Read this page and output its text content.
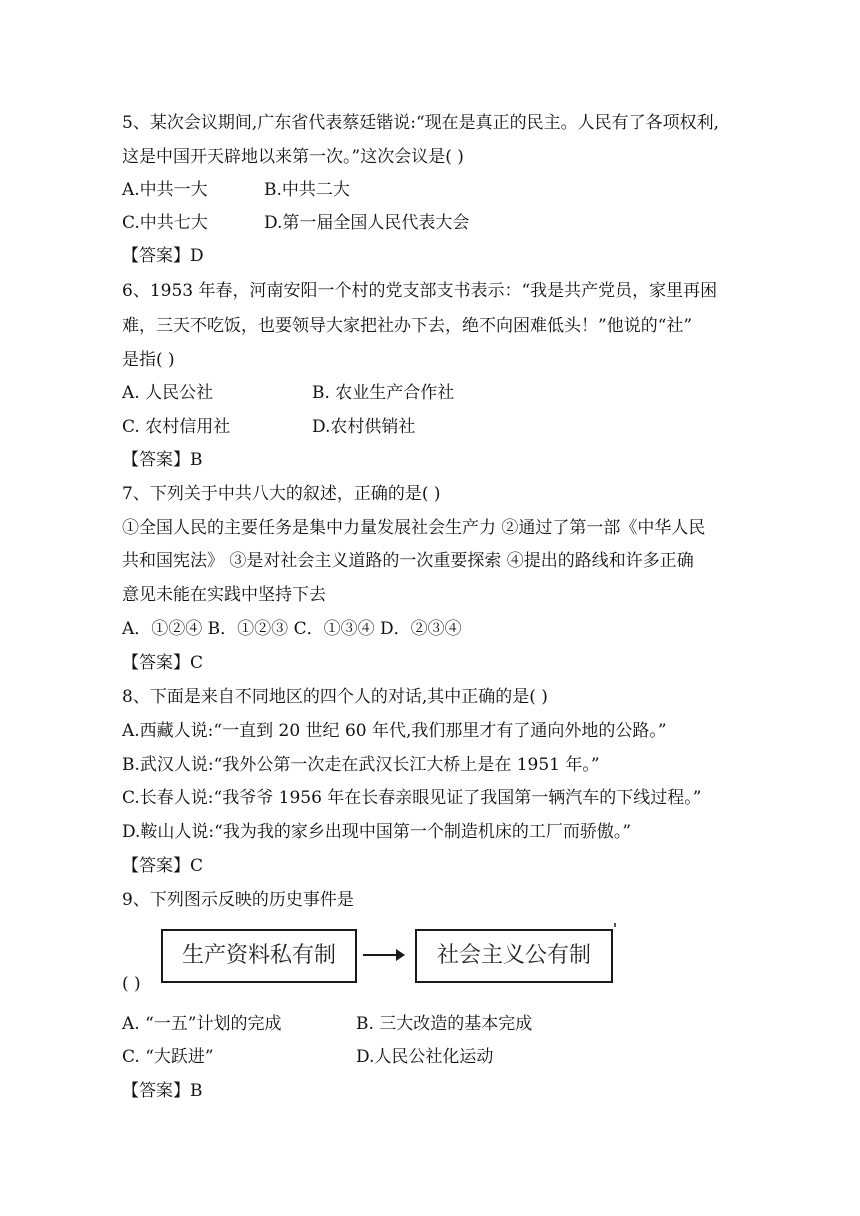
5、某次会议期间,广东省代表蔡廷锴说:“现在是真正的民主。人民有了各项权利,
这是中国开天辟地以来第一次。”这次会议是( )
A.中共一大	B.中共二大
C.中共七大	D.第一届全国人民代表大会
【答案】D
6、1953 年春，河南安阳一个村的党支部支书表示：“我是共产党员，家里再困
难，三天不吃饭，也要领导大家把社办下去，绝不向困难低头！”他说的“社”
是指( )
A. 人民公社	B. 农业生产合作社
C. 农村信用社	D.农村供销社
【答案】B
7、下列关于中共八大的叙述，正确的是( )
①全国人民的主要任务是集中力量发展社会生产力 ②通过了第一部《中华人民
共和国宪法》 ③是对社会主义道路的一次重要探索 ④提出的路线和许多正确
意见未能在实践中坚持下去
A．①②④ B．①②③ C．①③④ D．②③④
【答案】C
8、下面是来自不同地区的四个人的对话,其中正确的是( )
A.西藏人说:“一直到 20 世纪 60 年代,我们那里才有了通向外地的公路。”
B.武汉人说:“我外公第一次走在武汉长江大桥上是在 1951 年。”
C.长春人说:“我爷爷 1956 年在长春亲眼见证了我国第一辆汽车的下线过程。”
D.鞍山人说:“我为我的家乡出现中国第一个制造机床的工厂而骄傲。”
【答案】C
9、下列图示反映的历史事件是
生产资料私有制	社会主义公有制
( )
A. “一五”计划的完成	B. 三大改造的基本完成
C. “大跃进”	D.人民公社化运动
【答案】B
